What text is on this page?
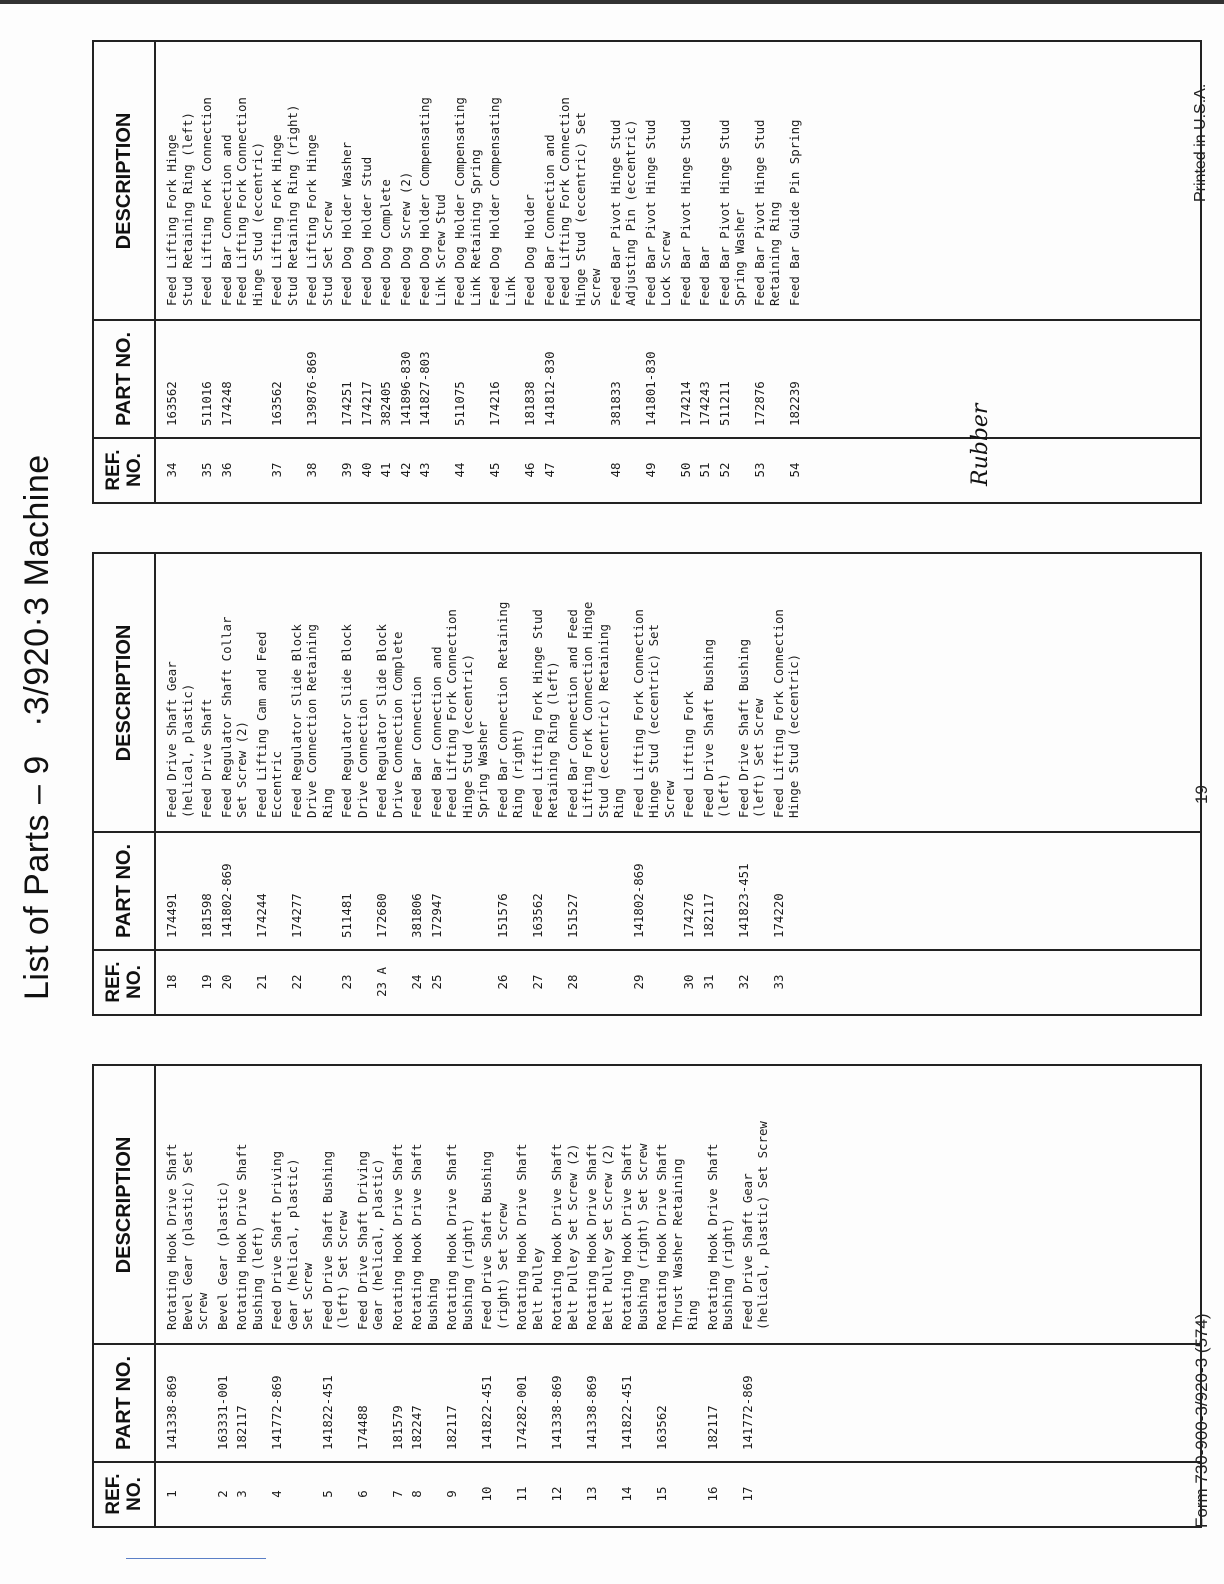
List of Parts – 9   ·3/920·3 Machine
REF. NO.
PART NO.
DESCRIPTION
1
141338-869
Rotating Hook Drive Shaft Bevel Gear (plastic) Set Screw
2
163331-001
Bevel Gear (plastic)
3
182117
Rotating Hook Drive Shaft Bushing (left)
4
141772-869
Feed Drive Shaft Driving Gear (helical, plastic) Set Screw
5
141822-451
Feed Drive Shaft Bushing (left) Set Screw
6
174488
Feed Drive Shaft Driving Gear (helical, plastic)
7
181579
Rotating Hook Drive Shaft
8
182247
Rotating Hook Drive Shaft Bushing
9
182117
Rotating Hook Drive Shaft Bushing (right)
10
141822-451
Feed Drive Shaft Bushing (right) Set Screw
11
174282-001
Rotating Hook Drive Shaft Belt Pulley
12
141338-869
Rotating Hook Drive Shaft Belt Pulley Set Screw (2)
13
141338-869
Rotating Hook Drive Shaft Belt Pulley Set Screw (2)
14
141822-451
Rotating Hook Drive Shaft Bushing (right) Set Screw
15
163562
Rotating Hook Drive Shaft Thrust Washer Retaining Ring
16
182117
Rotating Hook Drive Shaft Bushing (right)
17
141772-869
Feed Drive Shaft Gear (helical, plastic) Set Screw
REF. NO.
PART NO.
DESCRIPTION
18
174491
Feed Drive Shaft Gear (helical, plastic)
19
181598
Feed Drive Shaft
20
141802-869
Feed Regulator Shaft Collar Set Screw (2)
21
174244
Feed Lifting Cam and Feed Eccentric
22
174277
Feed Regulator Slide Block Drive Connection Retaining Ring
23
511481
Feed Regulator Slide Block Drive Connection
23 A
172680
Feed Regulator Slide Block Drive Connection Complete
24
381806
Feed Bar Connection
25
172947
Feed Bar Connection and Feed Lifting Fork Connection Hinge Stud (eccentric) Spring Washer
26
151576
Feed Bar Connection Retaining Ring (right)
27
163562
Feed Lifting Fork Hinge Stud Retaining Ring (left)
28
151527
Feed Bar Connection and Feed Lifting Fork Connection Hinge Stud (eccentric) Retaining Ring
29
141802-869
Feed Lifting Fork Connection Hinge Stud (eccentric) Set Screw
30
174276
Feed Lifting Fork
31
182117
Feed Drive Shaft Bushing (left)
32
141823-451
Feed Drive Shaft Bushing (left) Set Screw
33
174220
Feed Lifting Fork Connection Hinge Stud (eccentric)
REF. NO.
PART NO.
DESCRIPTION
34
163562
Feed Lifting Fork Hinge Stud Retaining Ring (left)
35
511016
Feed Lifting Fork Connection
36
174248
Feed Bar Connection and Feed Lifting Fork Connection Hinge Stud (eccentric)
37
163562
Feed Lifting Fork Hinge Stud Retaining Ring (right)
38
139876-869
Feed Lifting Fork Hinge Stud Set Screw
39
174251
Feed Dog Holder Washer
40
174217
Feed Dog Holder Stud
41
382405
Feed Dog Complete
42
141896-830
Feed Dog Screw (2)
43
141827-803
Feed Dog Holder Compensating Link Screw Stud
44
511075
Feed Dog Holder Compensating Link Retaining Spring
45
174216
Feed Dog Holder Compensating Link
46
181838
Feed Dog Holder
47
141812-830
Feed Bar Connection and Feed Lifting Fork Connection Hinge Stud (eccentric) Set Screw
48
381833
Feed Bar Pivot Hinge Stud Adjusting Pin (eccentric)
49
141801-830
Feed Bar Pivot Hinge Stud Lock Screw
50
174214
Feed Bar Pivot Hinge Stud
51
174243
Feed Bar
52
511211
Feed Bar Pivot Hinge Stud Spring Washer
53
172876
Feed Bar Pivot Hinge Stud Retaining Ring
54
182239
Feed Bar Guide Pin Spring
Rubber
Form 730-900-3/920-3 (574)
19
Printed in U.S.A.
